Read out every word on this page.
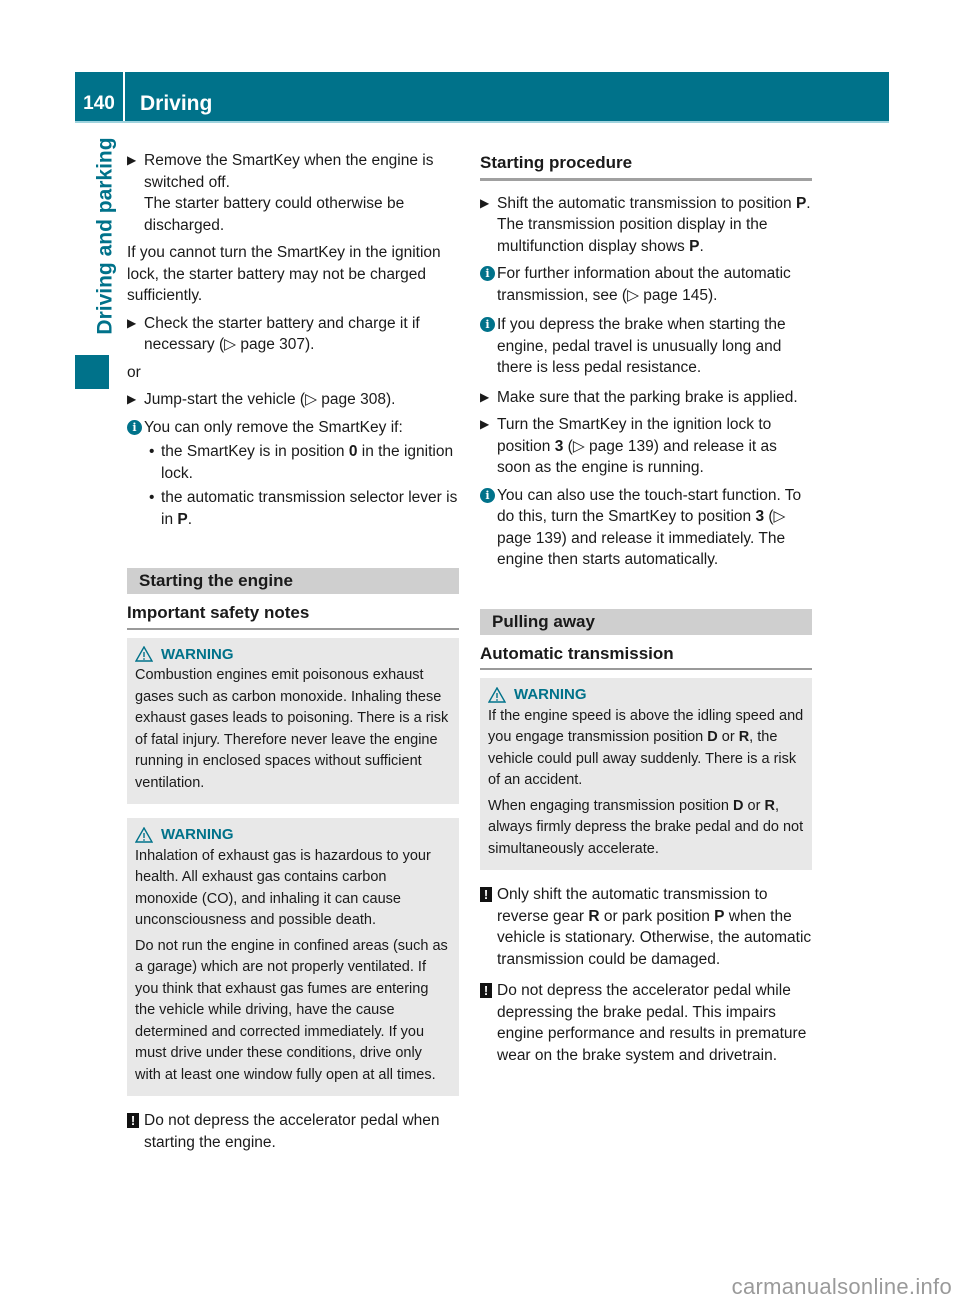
140	Driving
Driving and parking ▶ Remove the SmartKey when the engine is switched off.
The starter battery could otherwise be discharged.
If you cannot turn the SmartKey in the ignition lock, the starter battery may not be charged sufficiently.
▶ Check the starter battery and charge it if necessary (▷ page 307).
or
▶ Jump-start the vehicle (▷ page 308).
i You can only remove the SmartKey if:
• the SmartKey is in position 0 in the ignition lock.
• the automatic transmission selector lever is in P.
Starting the engine
Important safety notes
WARNING

Combustion engines emit poisonous exhaust gases such as carbon monoxide. Inhaling these exhaust gases leads to poisoning. There is a risk of fatal injury. Therefore never leave the engine running in enclosed spaces without sufficient ventilation.

WARNING

Inhalation of exhaust gas is hazardous to your health. All exhaust gas contains carbon monoxide (CO), and inhaling it can cause unconsciousness and possible death.

Do not run the engine in confined areas (such as a garage) which are not properly ventilated. If you think that exhaust gas fumes are entering the vehicle while driving, have the cause determined and corrected immediately. If you must drive under these conditions, drive only with at least one window fully open at all times.

! Do not depress the accelerator pedal when starting the engine.
Starting procedure
▶ Shift the automatic transmission to position P.
The transmission position display in the multifunction display shows P.
i For further information about the automatic transmission, see (▷ page 145).
i If you depress the brake when starting the engine, pedal travel is unusually long and there is less pedal resistance.
▶ Make sure that the parking brake is applied.
▶ Turn the SmartKey in the ignition lock to position 3 (▷ page 139) and release it as soon as the engine is running.
i You can also use the touch-start function. To do this, turn the SmartKey to position 3 (▷ page 139) and release it immediately. The engine then starts automatically.
Pulling away
Automatic transmission
WARNING

If the engine speed is above the idling speed and you engage transmission position D or R, the vehicle could pull away suddenly. There is a risk of an accident.

When engaging transmission position D or R, always firmly depress the brake pedal and do not simultaneously accelerate.

! Only shift the automatic transmission to reverse gear R or park position P when the vehicle is stationary. Otherwise, the automatic transmission could be damaged.
! Do not depress the accelerator pedal while depressing the brake pedal. This impairs engine performance and results in premature wear on the brake system and drivetrain.
carmanualsonline.info
